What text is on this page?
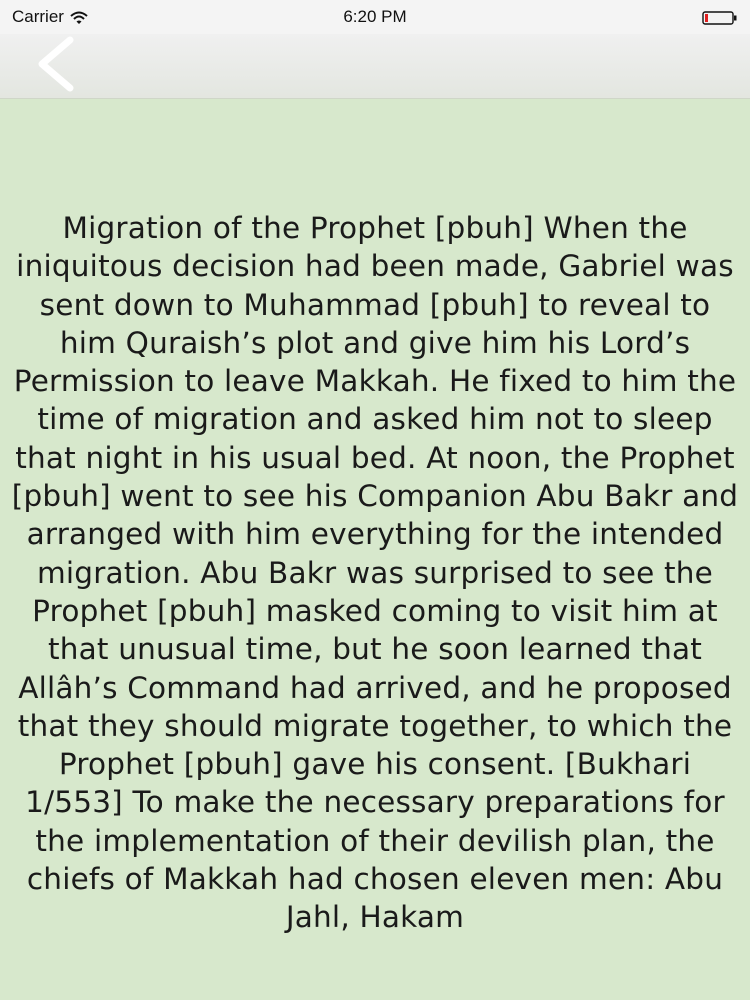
Carrier	6:20 PM

Migration of the Prophet [pbuh] When the iniquitous decision had been made, Gabriel was sent down to Muhammad [pbuh] to reveal to him Quraish’s plot and give him his Lord’s Permission to leave Makkah. He fixed to him the time of migration and asked him not to sleep that night in his usual bed. At noon, the Prophet [pbuh] went to see his Companion Abu Bakr and arranged with him everything for the intended migration. Abu Bakr was surprised to see the Prophet [pbuh] masked coming to visit him at that unusual time, but he soon learned that Allâh’s Command had arrived, and he proposed that they should migrate together, to which the Prophet [pbuh] gave his consent. [Bukhari 1/553] To make the necessary preparations for the implementation of their devilish plan, the chiefs of Makkah had chosen eleven men: Abu Jahl, Hakam
